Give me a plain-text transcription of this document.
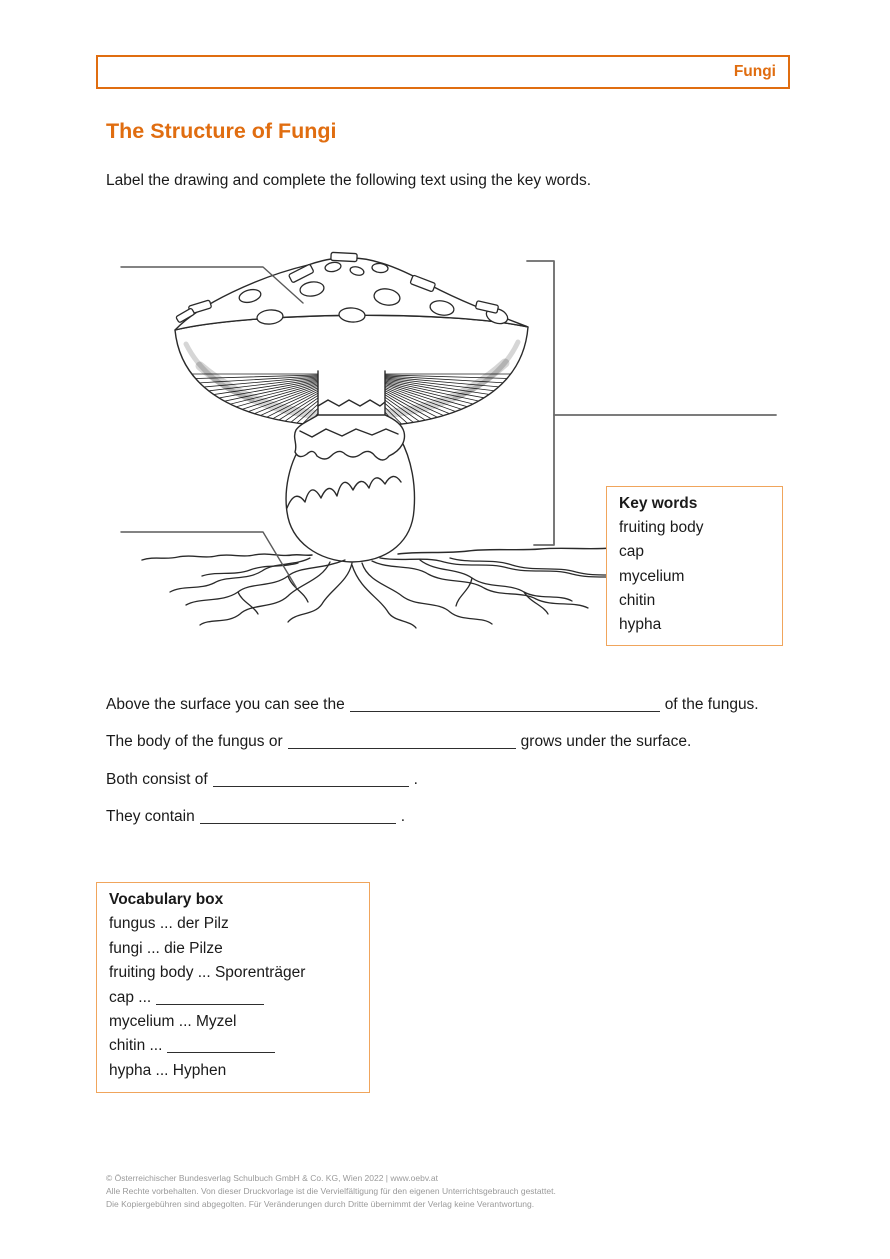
Fungi
The Structure of Fungi
Label the drawing and complete the following text using the key words.
Key words
fruiting body
cap
mycelium
chitin
hypha
Above the surface you can see the	of the fungus.
The body of the fungus or	grows under the surface.
Both consist of	.
They contain	.
Vocabulary box
fungus ... der Pilz
fungi ... die Pilze
fruiting body ... Sporenträger
cap ...
mycelium ... Myzel
chitin ...
hypha ... Hyphen
© Österreichischer Bundesverlag Schulbuch GmbH & Co. KG, Wien 2022 | www.oebv.at
Alle Rechte vorbehalten. Von dieser Druckvorlage ist die Vervielfältigung für den eigenen Unterrichtsgebrauch gestattet.
Die Kopiergebühren sind abgegolten. Für Veränderungen durch Dritte übernimmt der Verlag keine Verantwortung.
